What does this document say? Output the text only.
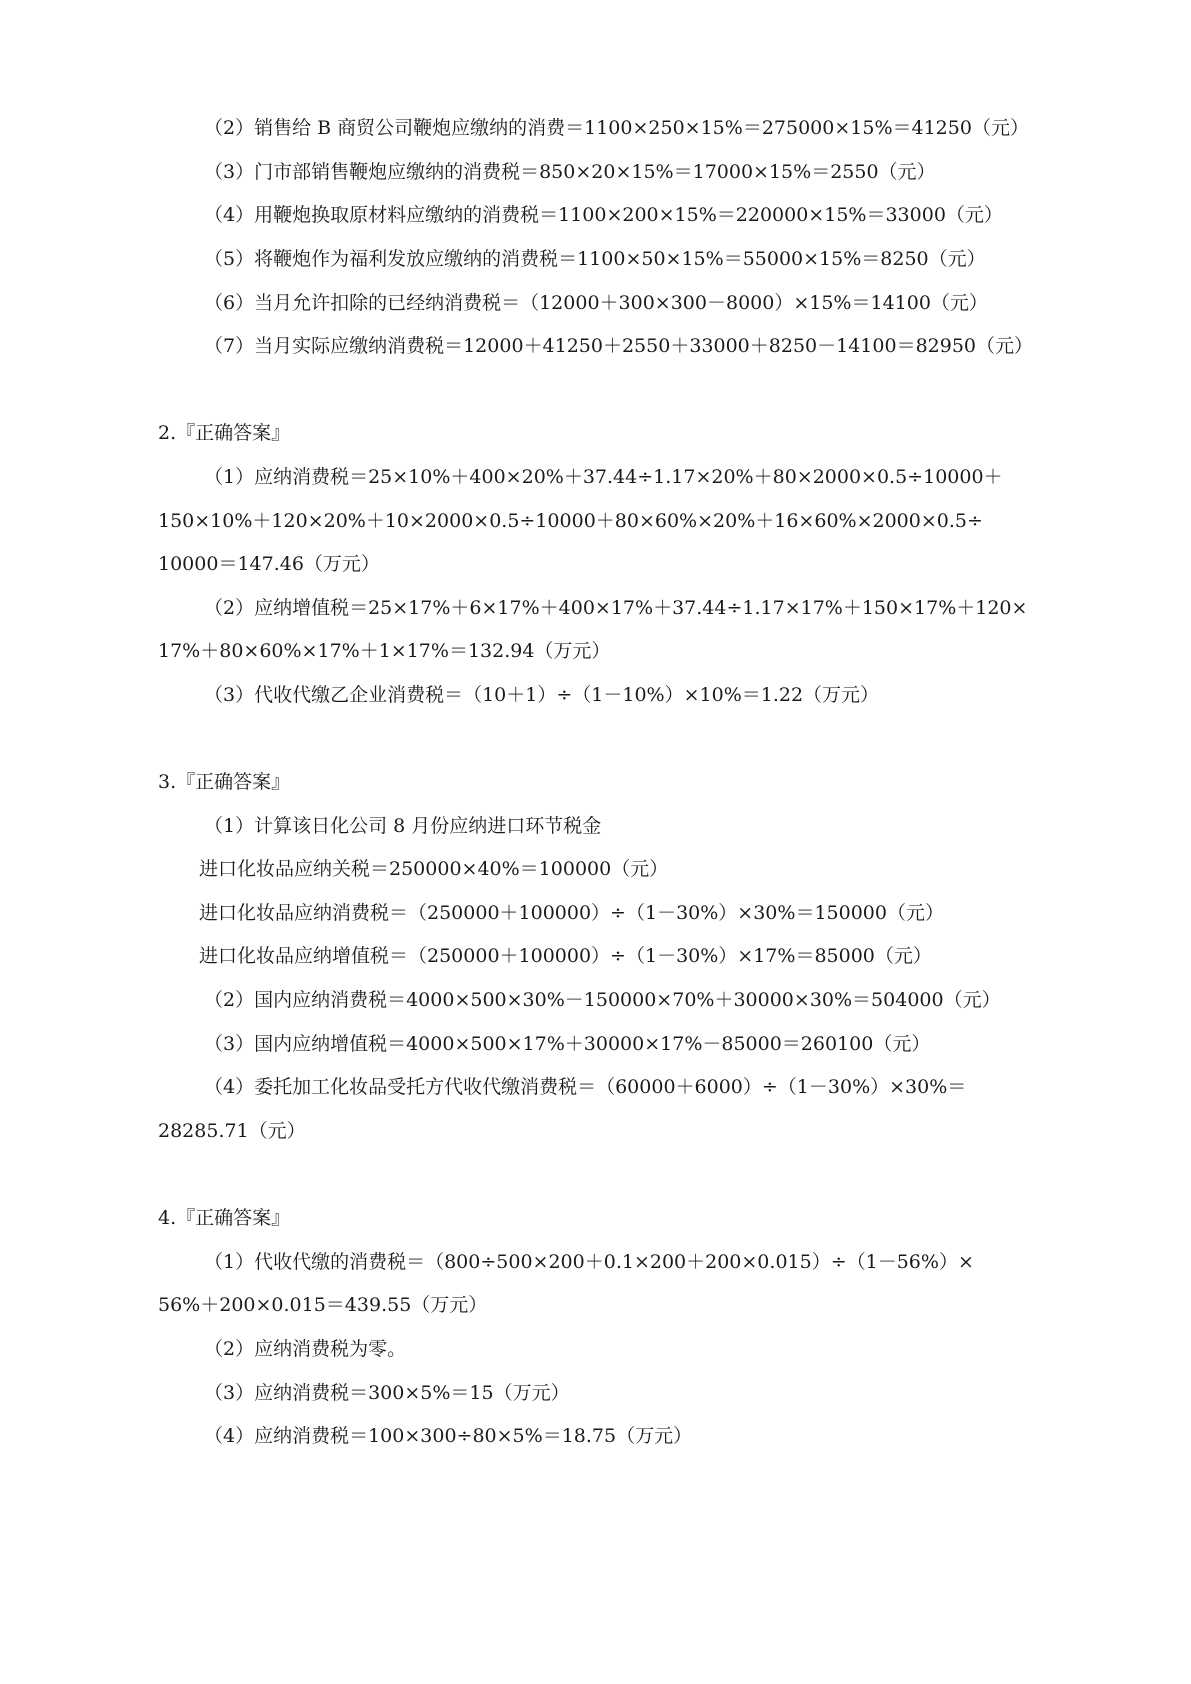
（2）销售给 B 商贸公司鞭炮应缴纳的消费＝1100×250×15%＝275000×15%＝41250（元）
（3）门市部销售鞭炮应缴纳的消费税＝850×20×15%＝17000×15%＝2550（元）
（4）用鞭炮换取原材料应缴纳的消费税＝1100×200×15%＝220000×15%＝33000（元）
（5）将鞭炮作为福利发放应缴纳的消费税＝1100×50×15%＝55000×15%＝8250（元）
（6）当月允许扣除的已经纳消费税＝（12000＋300×300－8000）×15%＝14100（元）
（7）当月实际应缴纳消费税＝12000＋41250＋2550＋33000＋8250－14100＝82950（元）
2.『正确答案』
（1）应纳消费税＝25×10%＋400×20%＋37.44÷1.17×20%＋80×2000×0.5÷10000＋
150×10%＋120×20%＋10×2000×0.5÷10000＋80×60%×20%＋16×60%×2000×0.5÷
10000＝147.46（万元）
（2）应纳增值税＝25×17%＋6×17%＋400×17%＋37.44÷1.17×17%＋150×17%＋120×
17%＋80×60%×17%＋1×17%＝132.94（万元）
（3）代收代缴乙企业消费税＝（10＋1）÷（1－10%）×10%＝1.22（万元）
3.『正确答案』
（1）计算该日化公司 8 月份应纳进口环节税金
进口化妆品应纳关税＝250000×40%＝100000（元）
进口化妆品应纳消费税＝（250000＋100000）÷（1－30%）×30%＝150000（元）
进口化妆品应纳增值税＝（250000＋100000）÷（1－30%）×17%＝85000（元）
（2）国内应纳消费税＝4000×500×30%－150000×70%＋30000×30%＝504000（元）
（3）国内应纳增值税＝4000×500×17%＋30000×17%－85000＝260100（元）
（4）委托加工化妆品受托方代收代缴消费税＝（60000＋6000）÷（1－30%）×30%＝
28285.71（元）
4.『正确答案』
（1）代收代缴的消费税＝（800÷500×200＋0.1×200＋200×0.015）÷（1－56%）×
56%＋200×0.015＝439.55（万元）
（2）应纳消费税为零。
（3）应纳消费税＝300×5%＝15（万元）
（4）应纳消费税＝100×300÷80×5%＝18.75（万元）
